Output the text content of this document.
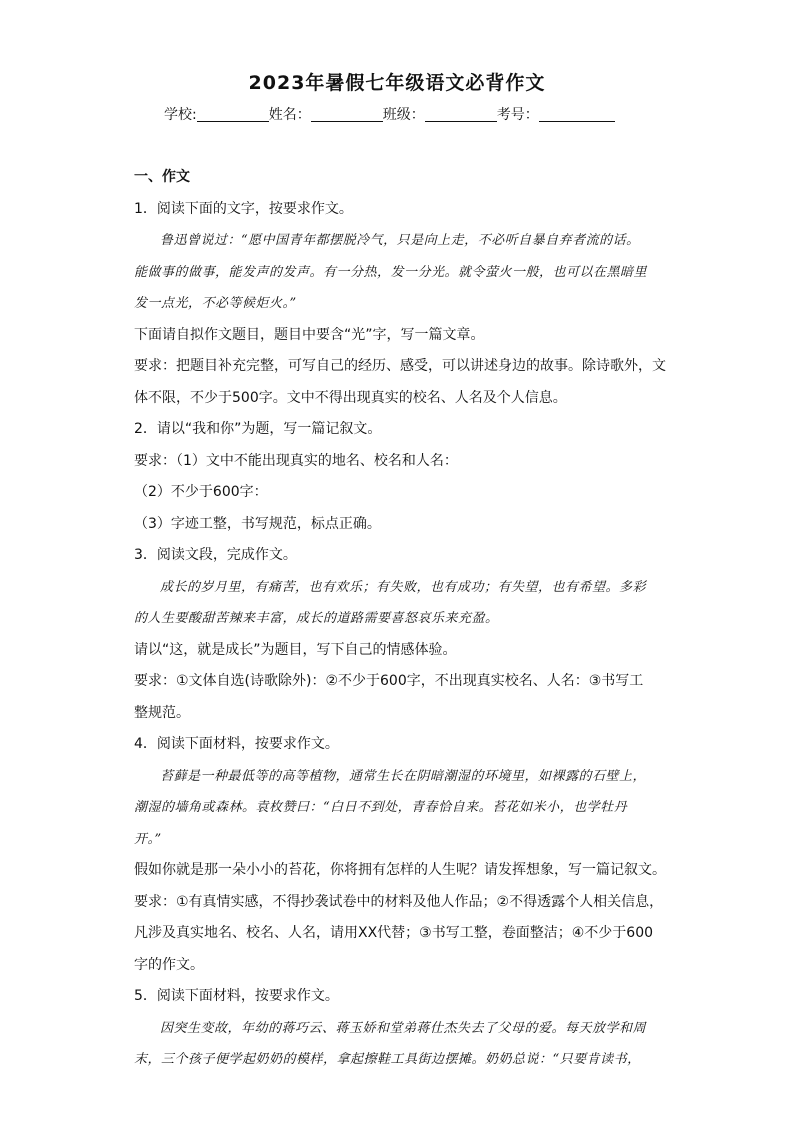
2023年暑假七年级语文必背作文
学校:	姓名：	班级：	考号：
一、作文
1．阅读下面的文字，按要求作文。
鲁迅曾说过：“愿中国青年都摆脱冷气，只是向上走，不必听自暴自弃者流的话。
能做事的做事，能发声的发声。有一分热，发一分光。就令萤火一般，也可以在黑暗里
发一点光，不必等候炬火。”
下面请自拟作文题目，题目中要含“光”字，写一篇文章。
要求：把题目补充完整，可写自己的经历、感受，可以讲述身边的故事。除诗歌外，文
体不限，不少于500字。文中不得出现真实的校名、人名及个人信息。
2．请以“我和你”为题，写一篇记叙文。
要求：（1）文中不能出现真实的地名、校名和人名：
（2）不少于600字：
（3）字迹工整，书写规范，标点正确。
3．阅读文段，完成作文。
成长的岁月里，有痛苦，也有欢乐；有失败，也有成功；有失望，也有希望。多彩
的人生要酸甜苦辣来丰富，成长的道路需要喜怒哀乐来充盈。
请以“这，就是成长”为题目，写下自己的情感体验。
要求：①文体自选(诗歌除外)：②不少于600字，不出现真实校名、人名：③书写工
整规范。
4．阅读下面材料，按要求作文。
苔藓是一种最低等的高等植物，通常生长在阴暗潮湿的环境里，如裸露的石壁上，
潮湿的墙角或森林。袁枚赞曰：“白日不到处，青春恰自来。苔花如米小，也学牡丹
开。”
假如你就是那一朵小小的苔花，你将拥有怎样的人生呢？请发挥想象，写一篇记叙文。
要求：①有真情实感，不得抄袭试卷中的材料及他人作品；②不得透露个人相关信息，
凡涉及真实地名、校名、人名，请用XX代替；③书写工整，卷面整洁；④不少于600
字的作文。
5．阅读下面材料，按要求作文。
因突生变故，年幼的蒋巧云、蒋玉娇和堂弟蒋仕杰失去了父母的爱。每天放学和周
末，三个孩子便学起奶奶的模样，拿起擦鞋工具街边摆摊。奶奶总说：“只要肯读书，
